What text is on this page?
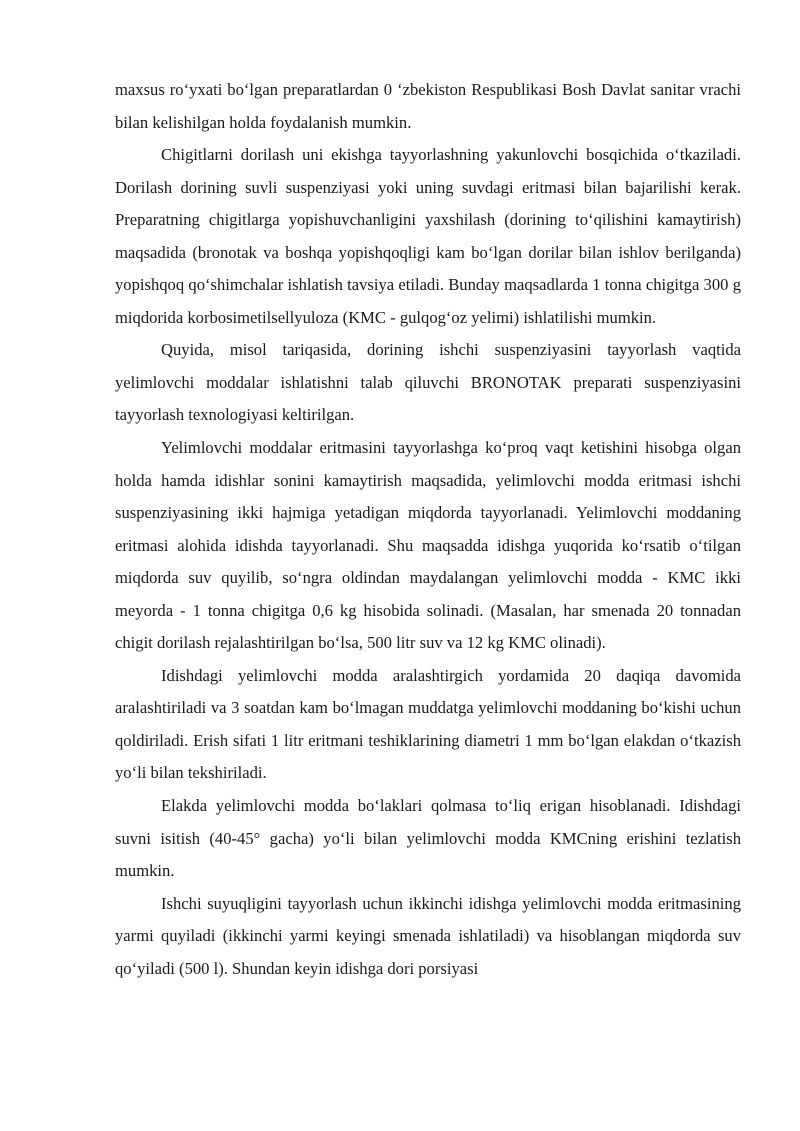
maxsus ro‘yxati bo‘lgan preparatlardan 0 ‘zbekiston Respublikasi Bosh Davlat sanitar vrachi bilan kelishilgan holda foydalanish mumkin.

Chigitlarni dorilash uni ekishga tayyorlashning yakunlovchi bosqichida o‘tkaziladi. Dorilash dorining suvli suspenziyasi yoki uning suvdagi eritmasi bilan bajarilishi kerak. Preparatning chigitlarga yopishuvchanligini yaxshilash (dorining to‘qilishini kamaytirish) maqsadida (bronotak va boshqa yopishqoqligi kam bo‘lgan dorilar bilan ishlov berilganda) yopishqoq qo‘shimchalar ishlatish tavsiya etiladi. Bunday maqsadlarda 1 tonna chigitga 300 g miqdorida korbosimetilsellyuloza (KMC - gulqog‘oz yelimi) ishlatilishi mumkin.

Quyida, misol tariqasida, dorining ishchi suspenziyasini tayyorlash vaqtida yelimlovchi moddalar ishlatishni talab qiluvchi BRONOTAK preparati suspenziyasini tayyorlash texnologiyasi keltirilgan.

Yelimlovchi moddalar eritmasini tayyorlashga ko‘proq vaqt ketishini hisobga olgan holda hamda idishlar sonini kamaytirish maqsadida, yelimlovchi modda eritmasi ishchi suspenziyasining ikki hajmiga yetadigan miqdorda tayyorlanadi. Yelimlovchi moddaning eritmasi alohida idishda tayyorlanadi. Shu maqsadda idishga yuqorida ko‘rsatib o‘tilgan miqdorda suv quyilib, so‘ngra oldindan maydalangan yelimlovchi modda - KMC ikki meyorda - 1 tonna chigitga 0,6 kg hisobida solinadi. (Masalan, har smenada 20 tonnadan chigit dorilash rejalashtirilgan bo‘lsa, 500 litr suv va 12 kg KMC olinadi).

Idishdagi yelimlovchi modda aralashtirgich yordamida 20 daqiqa davomida aralashtiriladi va 3 soatdan kam bo‘lmagan muddatga yelimlovchi moddaning bo‘kishi uchun qoldiriladi. Erish sifati 1 litr eritmani teshiklarining diametri 1 mm bo‘lgan elakdan o‘tkazish yo‘li bilan tekshiriladi.

Elakda yelimlovchi modda bo‘laklari qolmasa to‘liq erigan hisoblanadi. Idishdagi suvni isitish (40-45° gacha) yo‘li bilan yelimlovchi modda KMCning erishini tezlatish mumkin.

Ishchi suyuqligini tayyorlash uchun ikkinchi idishga yelimlovchi modda eritmasining yarmi quyiladi (ikkinchi yarmi keyingi smenada ishlatiladi) va hisoblangan miqdorda suv qo‘yiladi (500 l). Shundan keyin idishga dori porsiyasi
